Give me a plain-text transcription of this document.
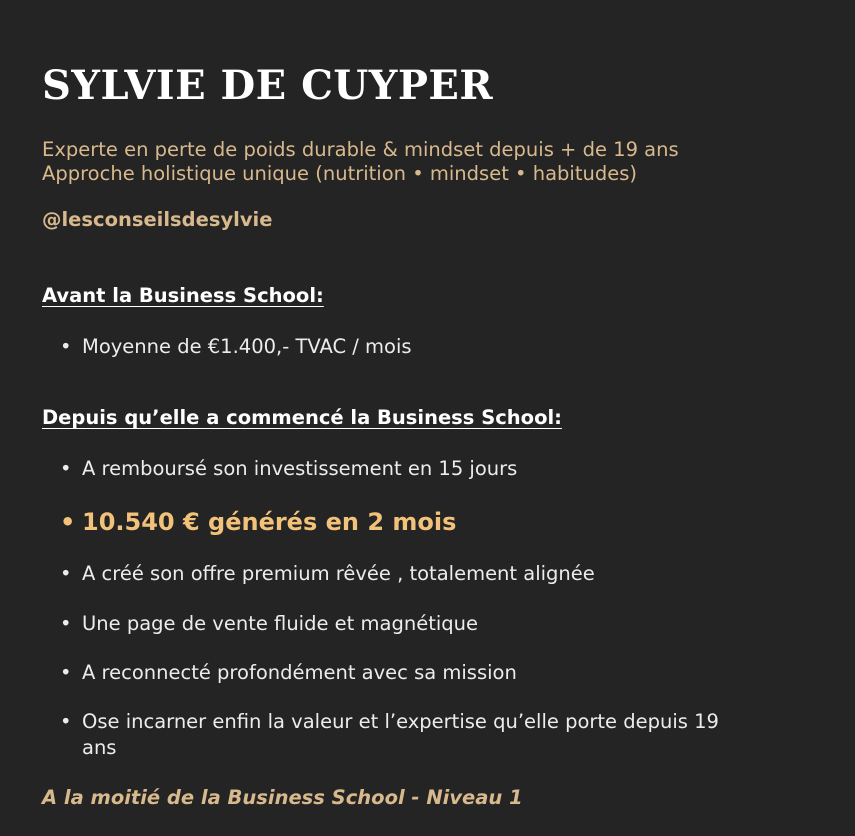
SYLVIE DE CUYPER
Experte en perte de poids durable & mindset depuis + de 19 ans
Approche holistique unique (nutrition • mindset • habitudes)
@lesconseilsdesylvie
Avant la Business School:
• Moyenne de €1.400,- TVAC / mois
Depuis qu’elle a commencé la Business School:
• A remboursé son investissement en 15 jours
• 10.540 € générés en 2 mois
• A créé son offre premium rêvée , totalement alignée
• Une page de vente fluide et magnétique
• A reconnecté profondément avec sa mission
• Ose incarner enfin la valeur et l’expertise qu’elle porte depuis 19
ans
A la moitié de la Business School - Niveau 1
